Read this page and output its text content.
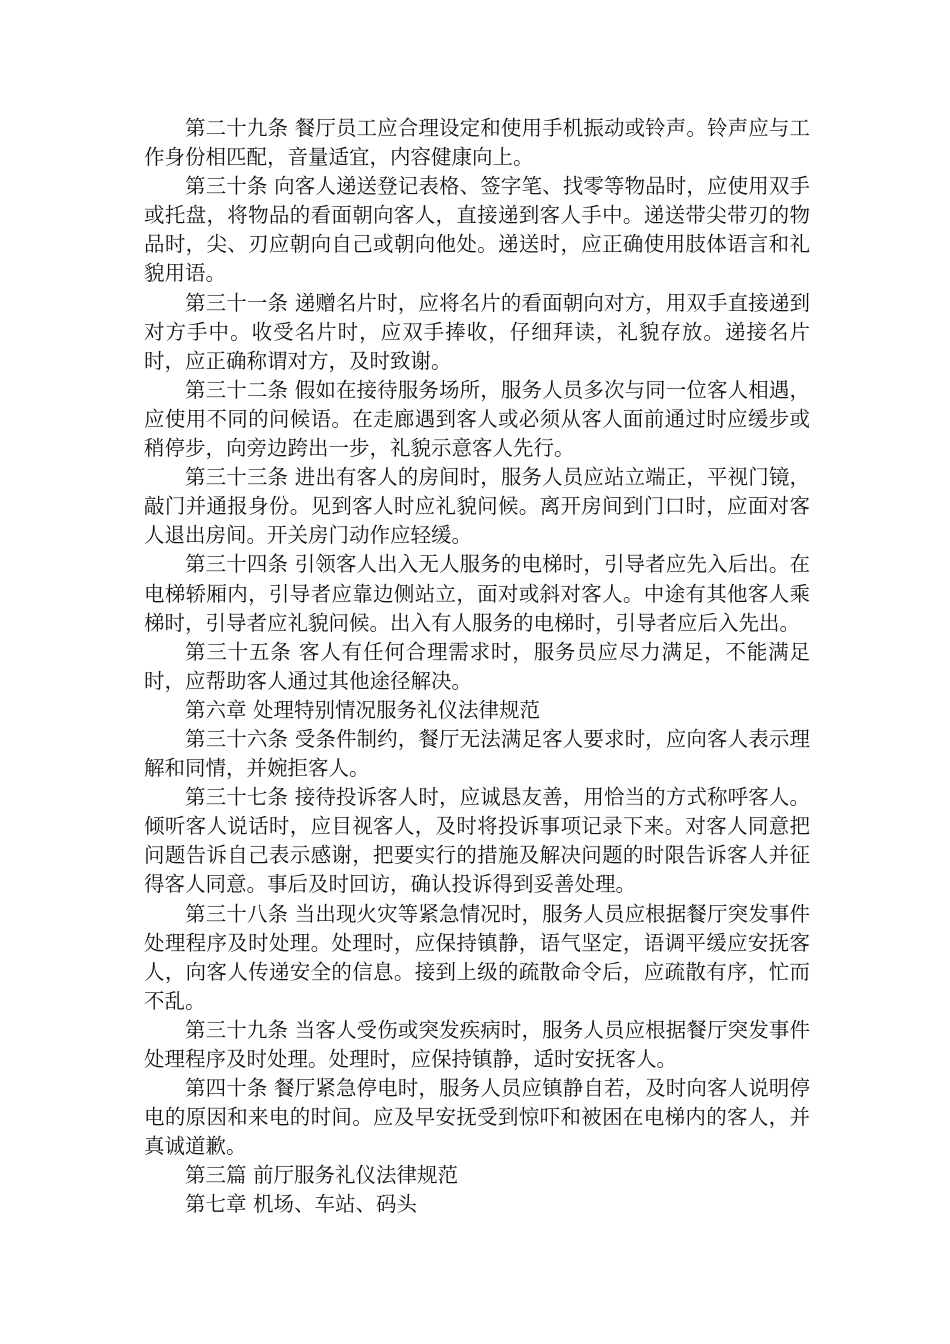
第二十九条 餐厅员工应合理设定和使用手机振动或铃声。铃声应与工作身份相匹配，音量适宜，内容健康向上。

第三十条 向客人递送登记表格、签字笔、找零等物品时，应使用双手或托盘，将物品的看面朝向客人，直接递到客人手中。递送带尖带刃的物品时，尖、刃应朝向自己或朝向他处。递送时，应正确使用肢体语言和礼貌用语。

第三十一条 递赠名片时，应将名片的看面朝向对方，用双手直接递到对方手中。收受名片时，应双手捧收，仔细拜读，礼貌存放。递接名片时，应正确称谓对方，及时致谢。

第三十二条 假如在接待服务场所，服务人员多次与同一位客人相遇，应使用不同的问候语。在走廊遇到客人或必须从客人面前通过时应缓步或稍停步，向旁边跨出一步，礼貌示意客人先行。

第三十三条 进出有客人的房间时，服务人员应站立端正，平视门镜，敲门并通报身份。见到客人时应礼貌问候。离开房间到门口时，应面对客人退出房间。开关房门动作应轻缓。

第三十四条 引领客人出入无人服务的电梯时，引导者应先入后出。在电梯轿厢内，引导者应靠边侧站立，面对或斜对客人。中途有其他客人乘梯时，引导者应礼貌问候。出入有人服务的电梯时，引导者应后入先出。

第三十五条 客人有任何合理需求时，服务员应尽力满足，不能满足时，应帮助客人通过其他途径解决。

第六章 处理特别情况服务礼仪法律规范

第三十六条 受条件制约，餐厅无法满足客人要求时，应向客人表示理解和同情，并婉拒客人。

第三十七条 接待投诉客人时，应诚恳友善，用恰当的方式称呼客人。倾听客人说话时，应目视客人，及时将投诉事项记录下来。对客人同意把问题告诉自己表示感谢，把要实行的措施及解决问题的时限告诉客人并征得客人同意。事后及时回访，确认投诉得到妥善处理。

第三十八条 当出现火灾等紧急情况时，服务人员应根据餐厅突发事件处理程序及时处理。处理时，应保持镇静，语气坚定，语调平缓应安抚客人，向客人传递安全的信息。接到上级的疏散命令后，应疏散有序，忙而不乱。

第三十九条 当客人受伤或突发疾病时，服务人员应根据餐厅突发事件处理程序及时处理。处理时，应保持镇静，适时安抚客人。

第四十条 餐厅紧急停电时，服务人员应镇静自若，及时向客人说明停电的原因和来电的时间。应及早安抚受到惊吓和被困在电梯内的客人，并真诚道歉。

第三篇 前厅服务礼仪法律规范

第七章 机场、车站、码头
